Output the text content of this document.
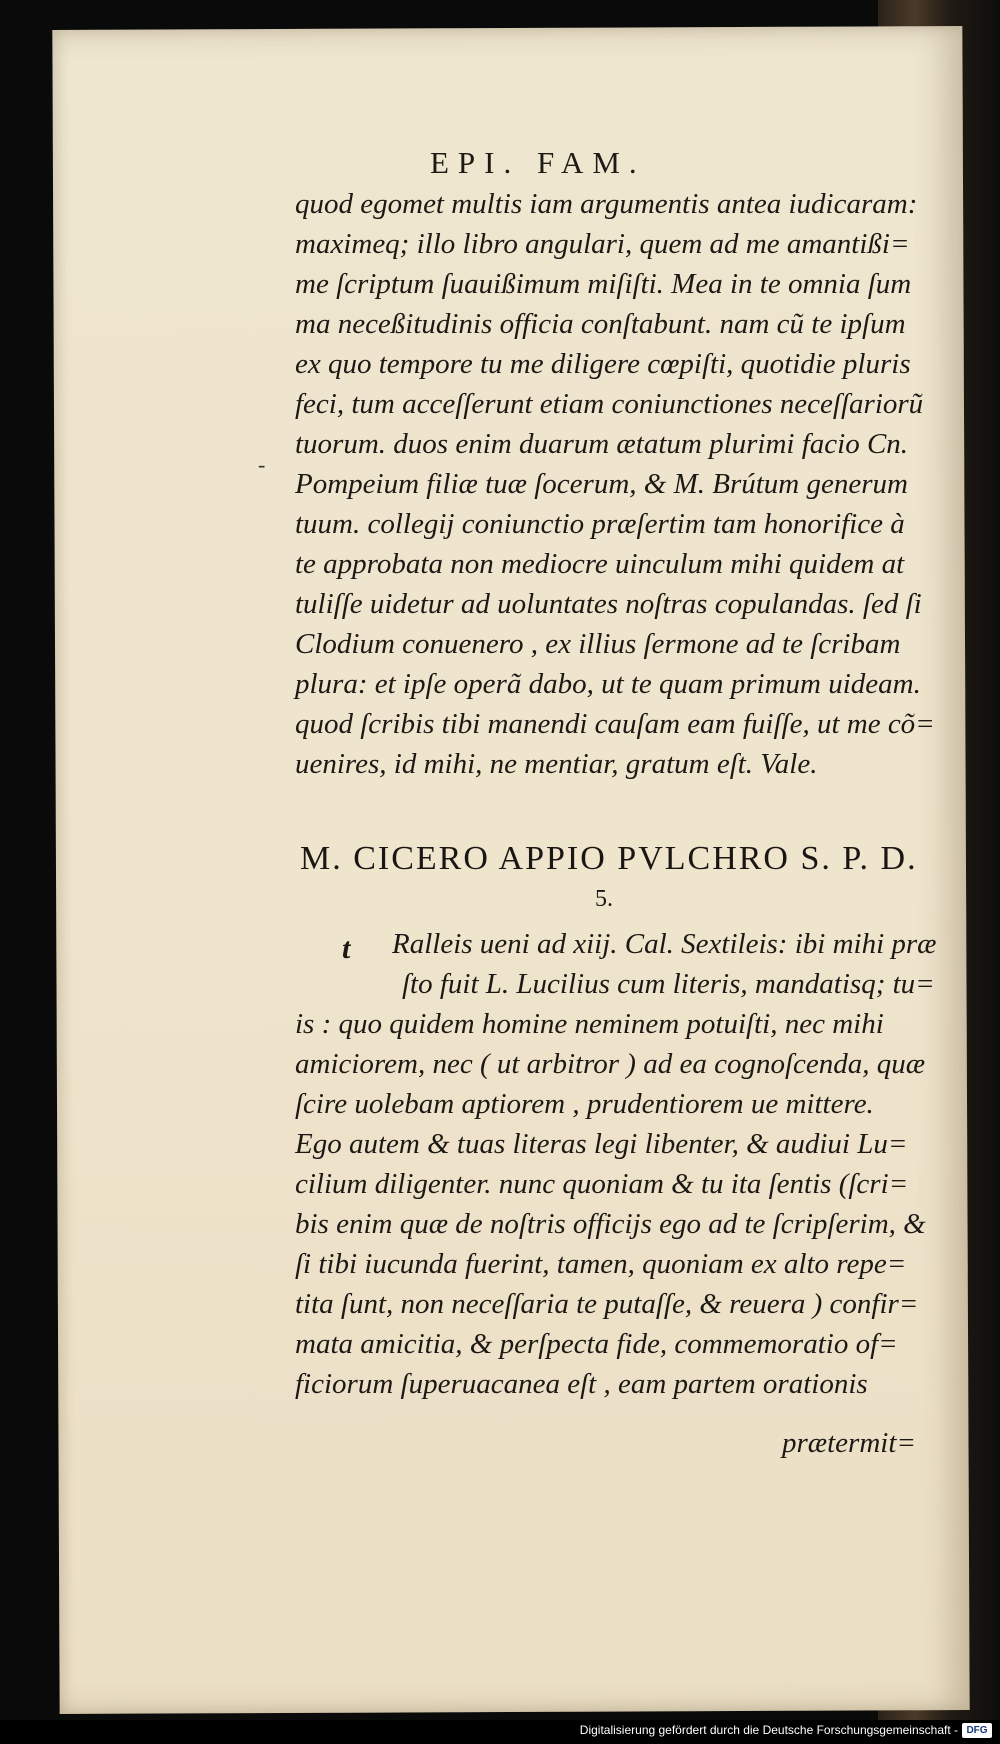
EPI. FAM.
-
quod egomet multis iam argumentis antea iudicaram:
maximeq; illo libro angulari, quem ad me amantißi=
me ſcriptum ſuauißimum miſiſti. Mea in te omnia ſum
ma neceßitudinis officia conſtabunt. nam cũ te ipſum
ex quo tempore tu me diligere cœpiſti, quotidie pluris
feci, tum acceſſerunt etiam coniunctiones neceſſariorũ
tuorum. duos enim duarum ætatum plurimi facio Cn.
Pompeium filiæ tuæ ſocerum, & M. Brútum generum
tuum. collegij coniunctio præſertim tam honorifice à
te approbata non mediocre uinculum mihi quidem at
tuliſſe uidetur ad uoluntates noſtras copulandas. ſed ſi
Clodium conuenero , ex illius ſermone ad te ſcribam
plura: et ipſe operã dabo, ut te quam primum uideam.
quod ſcribis tibi manendi cauſam eam fuiſſe, ut me cõ=
uenires, id mihi, ne mentiar, gratum eſt. Vale.
M. CICERO APPIO PVLCHRO S. P. D.
5.
t Ralleis ueni ad xiij. Cal. Sextileis: ibi mihi præ
ſto fuit L. Lucilius cum literis, mandatisq; tu=
is : quo quidem homine neminem potuiſti, nec mihi
amiciorem, nec ( ut arbitror ) ad ea cognoſcenda, quæ
ſcire uolebam aptiorem , prudentiorem ue mittere.
Ego autem & tuas literas legi libenter, & audiui Lu=
cilium diligenter. nunc quoniam & tu ita ſentis (ſcri=
bis enim quæ de noſtris officijs ego ad te ſcripſerim, &
ſi tibi iucunda fuerint, tamen, quoniam ex alto repe=
tita ſunt, non neceſſaria te putaſſe, & reuera ) confir=
mata amicitia, & perſpecta fide, commemoratio of=
ficiorum ſuperuacanea eſt , eam partem orationis
prætermit=
Digitalisierung gefördert durch die Deutsche Forschungsgemeinschaft - DFG
